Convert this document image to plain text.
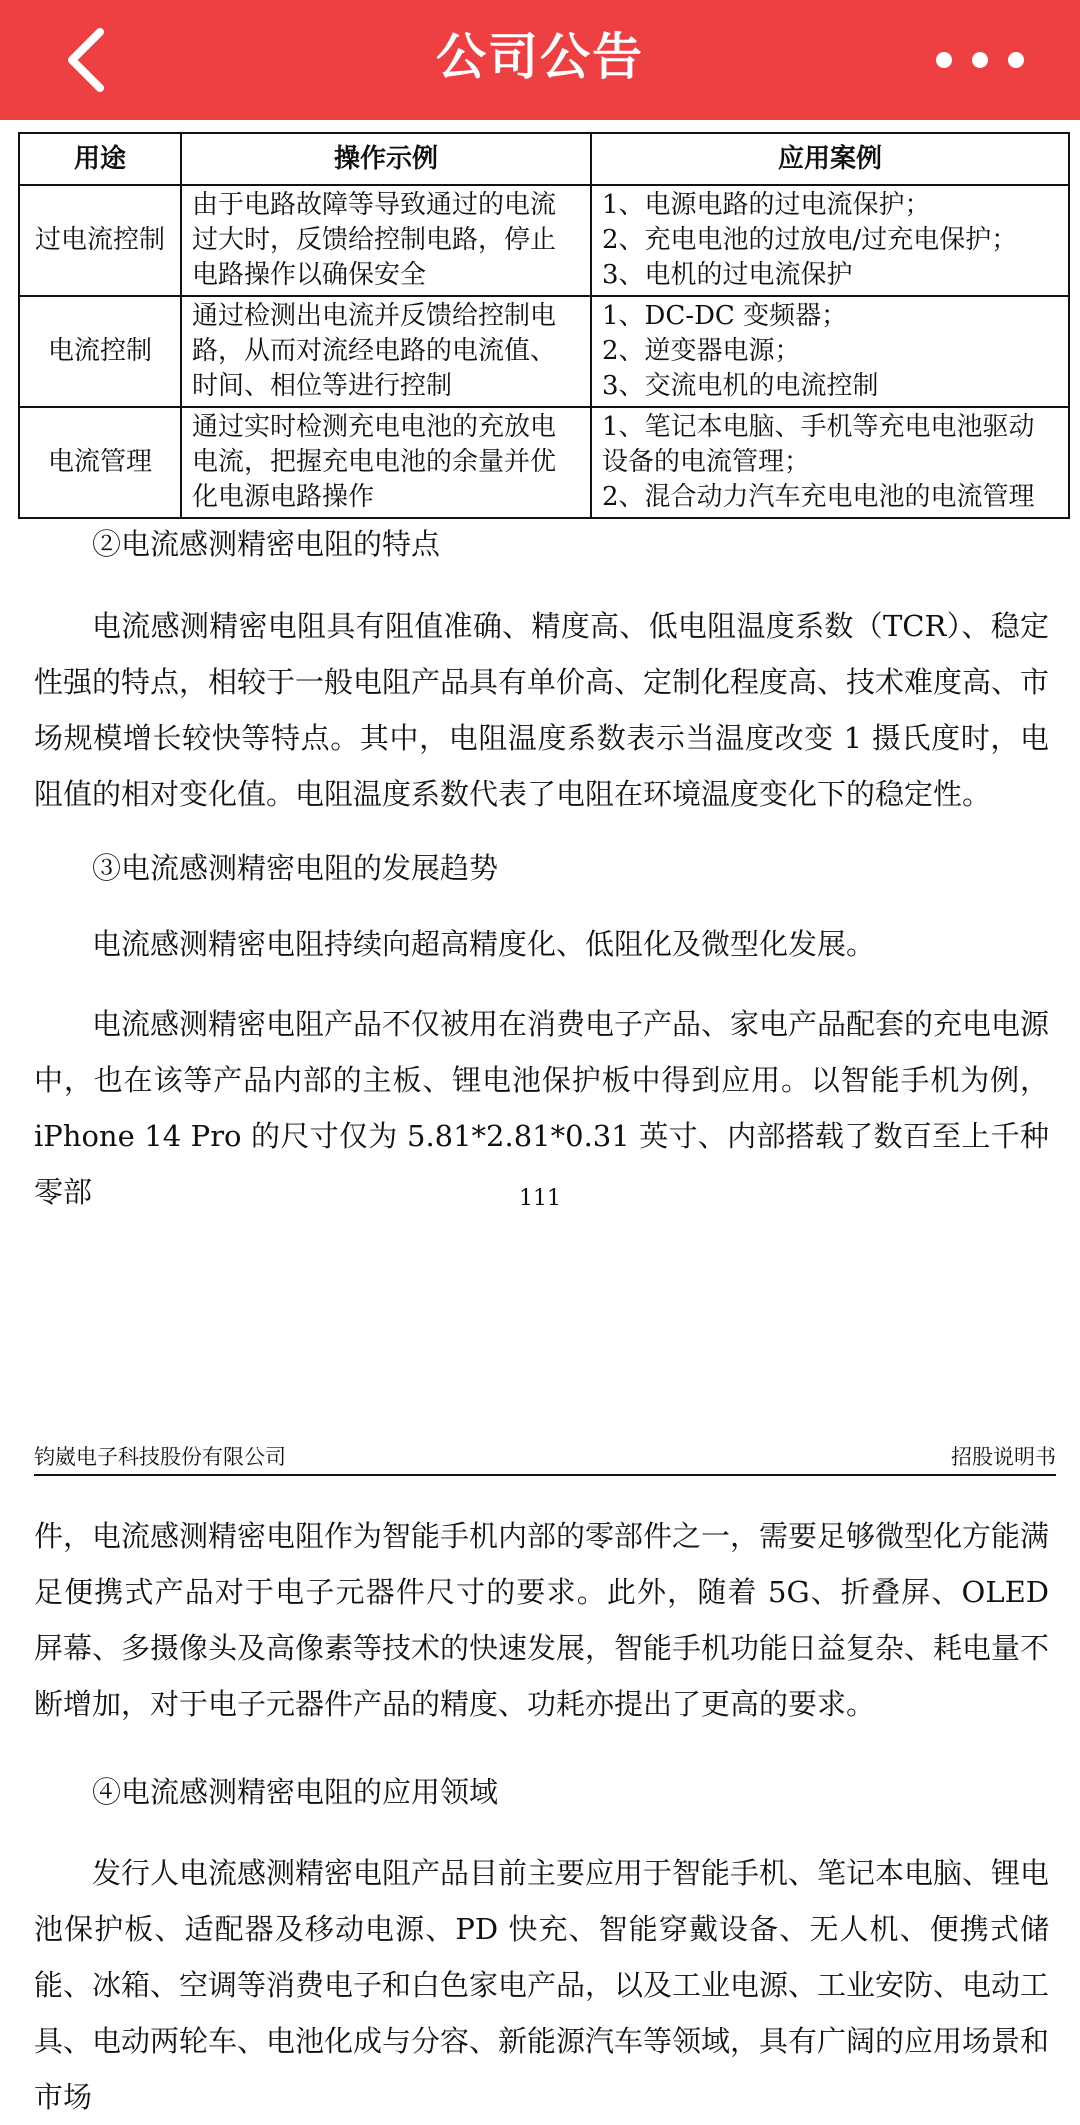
公司公告
用途	操作示例	应用案例
过电流控制	由于电路故障等导致通过的电流过大时，反馈给控制电路，停止电路操作以确保安全	1、电源电路的过电流保护；
2、充电电池的过放电/过充电保护；
3、电机的过电流保护

电流控制	通过检测出电流并反馈给控制电路，从而对流经电路的电流值、时间、相位等进行控制	1、DC-DC 变频器；
2、逆变器电源；
3、交流电机的电流控制

电流管理	通过实时检测充电电池的充放电电流，把握充电电池的余量并优化电源电路操作	1、笔记本电脑、手机等充电电池驱动设备的电流管理；
2、混合动力汽车充电电池的电流管理

②电流感测精密电阻的特点

电流感测精密电阻具有阻值准确、精度高、低电阻温度系数（TCR）、稳定性强的特点，相较于一般电阻产品具有单价高、定制化程度高、技术难度高、市场规模增长较快等特点。其中，电阻温度系数表示当温度改变 1 摄氏度时，电阻值的相对变化值。电阻温度系数代表了电阻在环境温度变化下的稳定性。

③电流感测精密电阻的发展趋势

电流感测精密电阻持续向超高精度化、低阻化及微型化发展。

电流感测精密电阻产品不仅被用在消费电子产品、家电产品配套的充电电源中，也在该等产品内部的主板、锂电池保护板中得到应用。以智能手机为例，iPhone 14 Pro 的尺寸仅为 5.81*2.81*0.31 英寸、内部搭载了数百至上千种零部	111
钧崴电子科技股份有限公司	招股说明书

件，电流感测精密电阻作为智能手机内部的零部件之一，需要足够微型化方能满足便携式产品对于电子元器件尺寸的要求。此外，随着 5G、折叠屏、OLED 屏幕、多摄像头及高像素等技术的快速发展，智能手机功能日益复杂、耗电量不断增加，对于电子元器件产品的精度、功耗亦提出了更高的要求。

④电流感测精密电阻的应用领域

发行人电流感测精密电阻产品目前主要应用于智能手机、笔记本电脑、锂电池保护板、适配器及移动电源、PD 快充、智能穿戴设备、无人机、便携式储能、冰箱、空调等消费电子和白色家电产品，以及工业电源、工业安防、电动工具、电动两轮车、电池化成与分容、新能源汽车等领域，具有广阔的应用场景和市场
